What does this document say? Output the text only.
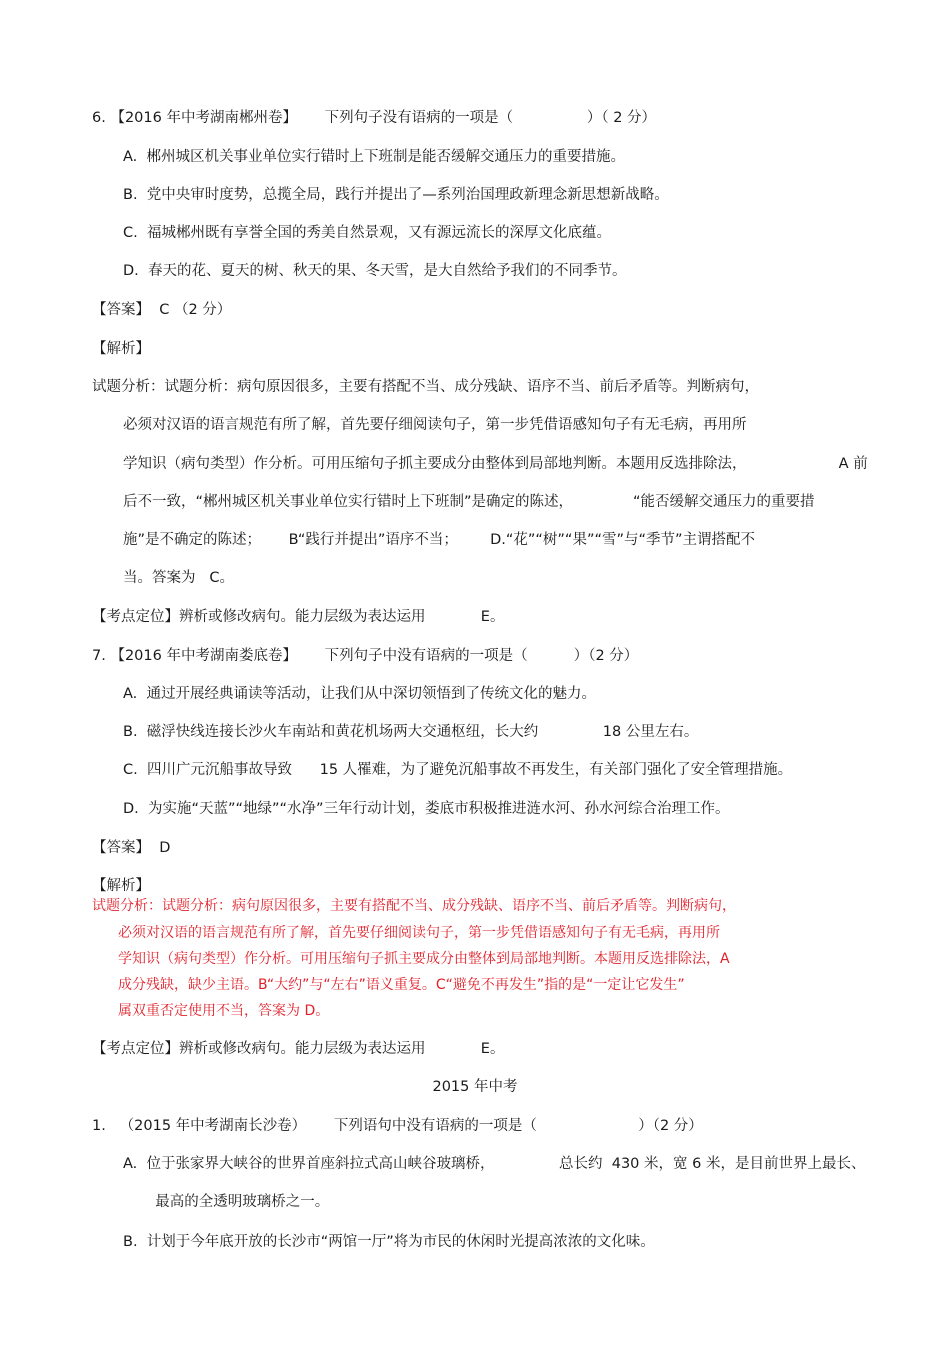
6. 【2016 年中考湖南郴州卷】      下列句子没有语病的一项是（                ）（ 2 分）
A.  郴州城区机关事业单位实行错时上下班制是能否缓解交通压力的重要措施。
B.  党中央审时度势，总揽全局，践行并提出了—系列治国理政新理念新思想新战略。
C.  福城郴州既有享誉全国的秀美自然景观，又有源远流长的深厚文化底蕴。
D.  春天的花、夏天的树、秋天的果、冬天雪，是大自然给予我们的不同季节。
【答案】  C （2 分）
【解析】
试题分析：试题分析：病句原因很多，主要有搭配不当、成分残缺、语序不当、前后矛盾等。判断病句，
必须对汉语的语言规范有所了解，首先要仔细阅读句子，第一步凭借语感知句子有无毛病，再用所
学知识（病句类型）作分析。可用压缩句子抓主要成分由整体到局部地判断。本题用反选排除法，                    A 前
后不一致，“郴州城区机关事业单位实行错时上下班制”是确定的陈述，             “能否缓解交通压力的重要措
施”是不确定的陈述；      B“践行并提出”语序不当；       D.“花”“树”“果”“雪”与“季节”主谓搭配不
当。答案为   C。
【考点定位】辨析或修改病句。能力层级为表达运用            E。
7. 【2016 年中考湖南娄底卷】      下列句子中没有语病的一项是（          ）（2 分）
A.  通过开展经典诵读等活动，让我们从中深切领悟到了传统文化的魅力。
B.  磁浮快线连接长沙火车南站和黄花机场两大交通枢纽，长大约              18 公里左右。
C.  四川广元沉船事故导致      15 人罹难，为了避免沉船事故不再发生，有关部门强化了安全管理措施。
D.  为实施“天蓝”“地绿”“水净”三年行动计划，娄底市积极推进涟水河、孙水河综合治理工作。
【答案】  D
【解析】
试题分析：试题分析：病句原因很多，主要有搭配不当、成分残缺、语序不当、前后矛盾等。判断病句，
必须对汉语的语言规范有所了解，首先要仔细阅读句子，第一步凭借语感知句子有无毛病，再用所
学知识（病句类型）作分析。可用压缩句子抓主要成分由整体到局部地判断。本题用反选排除法，A
成分残缺，缺少主语。B“大约”与“左右”语义重复。C“避免不再发生”指的是“一定让它发生”
属双重否定使用不当，答案为 D。
【考点定位】辨析或修改病句。能力层级为表达运用            E。
2015 年中考
1.   （2015 年中考湖南长沙卷）      下列语句中没有语病的一项是（                      ）（2 分）
A.  位于张家界大峡谷的世界首座斜拉式高山峡谷玻璃桥，              总长约  430 米，宽 6 米，是目前世界上最长、
最高的全透明玻璃桥之一。
B.  计划于今年底开放的长沙市“两馆一厅”将为市民的休闲时光提高浓浓的文化味。
